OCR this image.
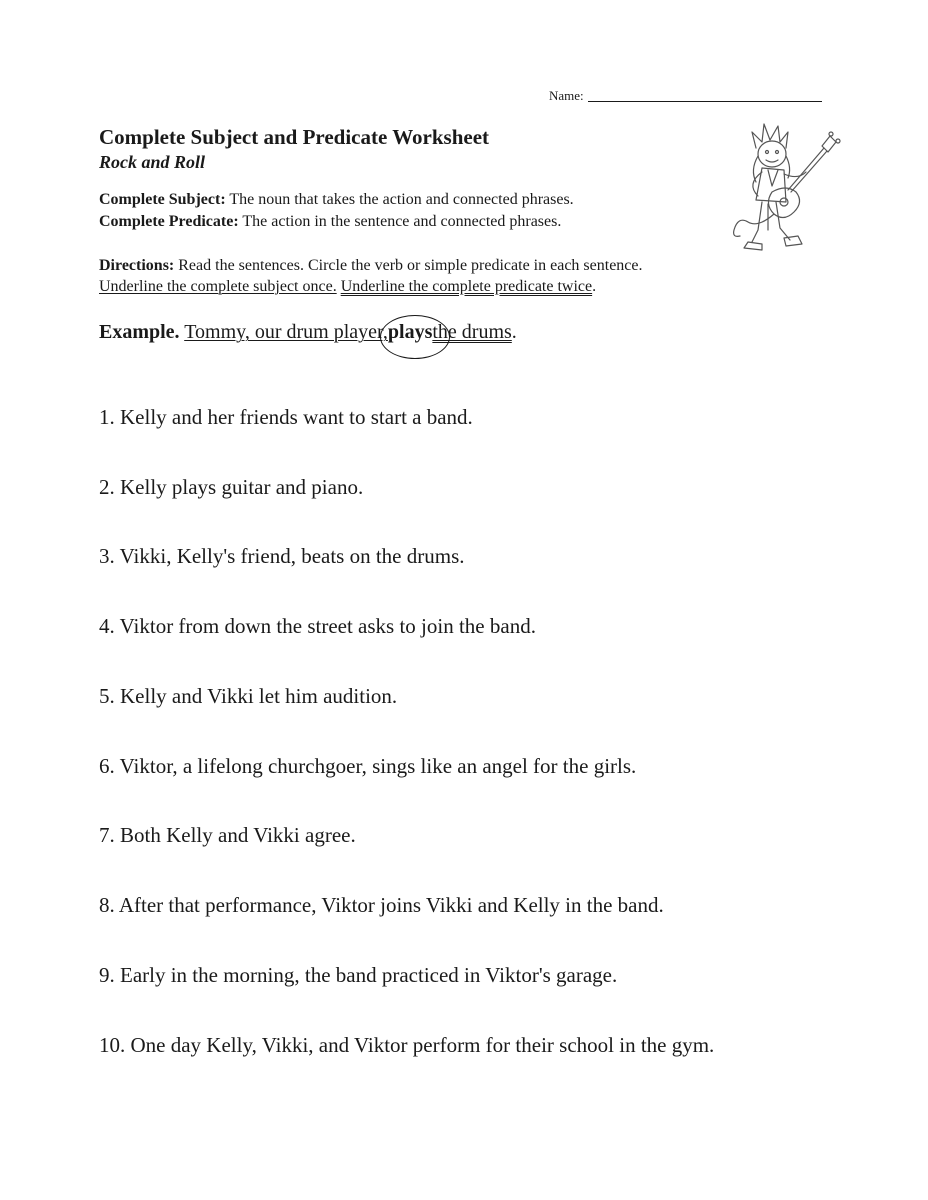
Name:
Complete Subject and Predicate Worksheet
Rock and Roll
Complete Subject: The noun that takes the action and connected phrases.
Complete Predicate: The action in the sentence and connected phrases.
Directions: Read the sentences. Circle the verb or simple predicate in each sentence.
Underline the complete subject once. Underline the complete predicate twice.
Example. Tommy, our drum player,
playsthe drums.
1. Kelly and her friends want to start a band.
2. Kelly plays guitar and piano.
3. Vikki, Kelly's friend, beats on the drums.
4. Viktor from down the street asks to join the band.
5. Kelly and Vikki let him audition.
6. Viktor, a lifelong churchgoer, sings like an angel for the girls.
7. Both Kelly and Vikki agree.
8. After that performance, Viktor joins Vikki and Kelly in the band.
9. Early in the morning, the band practiced in Viktor's garage.
10. One day Kelly, Vikki, and Viktor perform for their school in the gym.
